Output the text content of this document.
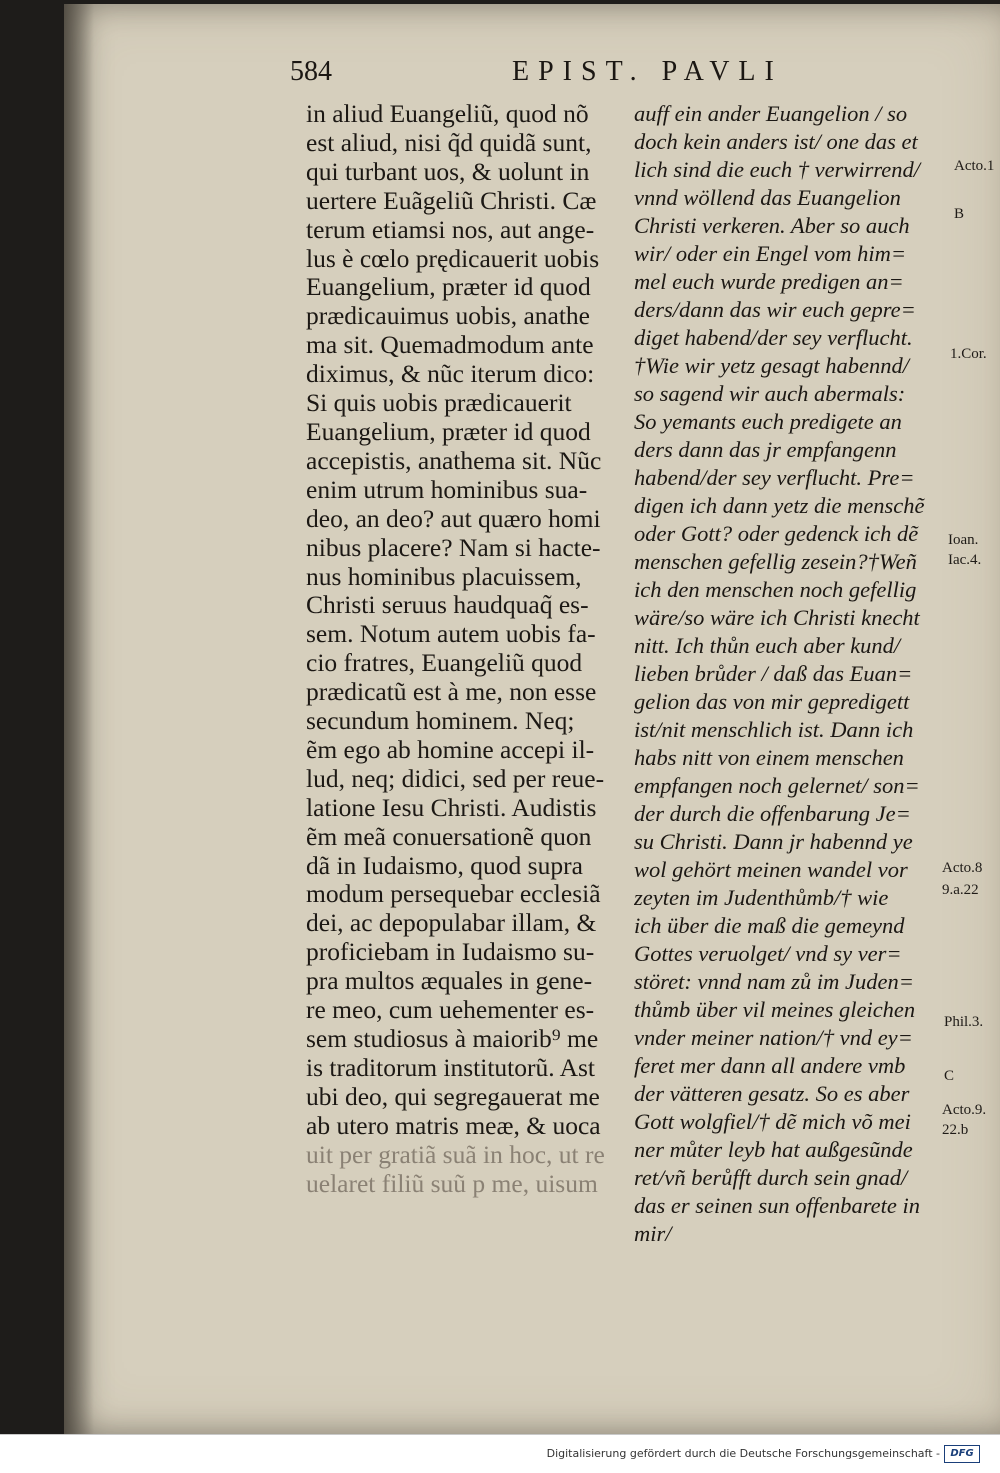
584	EPIST. PAVLI
in aliud Euangeliũ, quod nõ
est aliud, nisi q̃d quidã sunt,
qui turbant uos, & uolunt in
uertere Euãgeliũ Christi. Cæ
terum etiamsi nos, aut ange-
lus è cœlo prędicauerit uobis
Euangelium, præter id quod
prædicauimus uobis, anathe
ma sit. Quemadmodum ante
diximus, & nũc iterum dico:
Si quis uobis prædicauerit
Euangelium, præter id quod
accepistis, anathema sit. Nũc
enim utrum hominibus sua-
deo, an deo? aut quæro homi
nibus placere? Nam si hacte-
nus hominibus placuissem,
Christi seruus haudquaq̃ es-
sem. Notum autem uobis fa-
cio fratres, Euangeliũ quod
prædicatũ est à me, non esse
secundum hominem. Neq;
ẽm ego ab homine accepi il-
lud, neq; didici, sed per reue-
latione Iesu Christi. Audistis
ẽm meã conuersationẽ quon
dã in Iudaismo, quod supra
modum persequebar ecclesiã
dei, ac depopulabar illam, &
proficiebam in Iudaismo su-
pra multos æquales in gene-
re meo, cum uehementer es-
sem studiosus à maiorib⁹ me
is traditorum institutorũ. Ast
ubi deo, qui segregauerat me
ab utero matris meæ, & uoca
uit per gratiã suã in hoc, ut re
uelaret filiũ suũ p me, uisum
auff ein ander Euangelion / so
doch kein anders ist/ one das et
lich sind die euch † verwirrend/
vnnd wöllend das Euangelion
Christi verkeren. Aber so auch
wir/ oder ein Engel vom him=
mel euch wurde predigen an=
ders/dann das wir euch gepre=
diget habend/der sey verflucht.
†Wie wir yetz gesagt habennd/
so sagend wir auch abermals:
So yemants euch predigete an
ders dann das jr empfangenn
habend/der sey verflucht. Pre=
digen ich dann yetz die menschẽ
oder Gott? oder gedenck ich dẽ
menschen gefellig zesein?†Weñ
ich den menschen noch gefellig
wäre/so wäre ich Christi knecht
nitt. Ich thůn euch aber kund/
lieben brůder / daß das Euan=
gelion das von mir gepredigett
ist/nit menschlich ist. Dann ich
habs nitt von einem menschen
empfangen noch gelernet/ son=
der durch die offenbarung Je=
su Christi. Dann jr habennd ye
wol gehört meinen wandel vor
zeyten im Judenthůmb/† wie
ich über die maß die gemeynd
Gottes veruolget/ vnd sy ver=
störet: vnnd nam zů im Juden=
thůmb über vil meines gleichen
vnder meiner nation/† vnd ey=
feret mer dann all andere vmb
der vätteren gesatz. So es aber
Gott wolgfiel/† dẽ mich võ mei
ner můter leyb hat außgesũnde
ret/vñ berůfft durch sein gnad/
das er seinen sun offenbarete in
mir/
Acto.1
B
1.Cor.
Ioan.
Iac.4.
Acto.8
9.a.22
Phil.3.
C
Acto.9.
22.b
Digitalisierung gefördert durch die Deutsche Forschungsgemeinschaft -	DFG
